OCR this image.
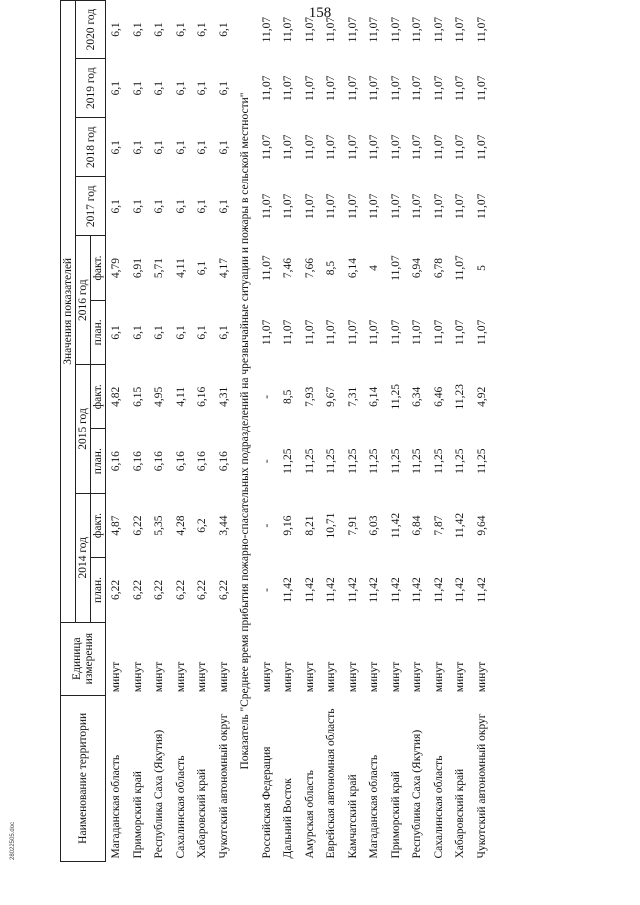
158
28022505.doc	Наименование территории	Единица измерения	Значения показателей									
		2014 год		2015 год		2016 год		2017 год	2018 год	2019 год	2020 год
		план.	факт.	план.	факт.	план.	факт.				
Магаданская область	минут	6,22	4,87	6,16	4,82	6,1	4,79	6,1	6,1	6,1	6,1
Приморский край	минут	6,22	6,22	6,16	6,15	6,1	6,91	6,1	6,1	6,1	6,1
Республика Саха (Якутия)	минут	6,22	5,35	6,16	4,95	6,1	5,71	6,1	6,1	6,1	6,1
Сахалинская область	минут	6,22	4,28	6,16	4,11	6,1	4,11	6,1	6,1	6,1	6,1
Хабаровский край	минут	6,22	6,2	6,16	6,16	6,1	6,1	6,1	6,1	6,1	6,1
Чукотский автономный округ	минут	6,22	3,44	6,16	4,31	6,1	4,17	6,1	6,1	6,1	6,1
Показатель "Среднее время прибытия пожарно-спасательных подразделений на чрезвычайные ситуации и пожары в сельской местности"											
Российская Федерация	минут	-	-	-	-	11,07	11,07	11,07	11,07	11,07	11,07
Дальний Восток	минут	11,42	9,16	11,25	8,5	11,07	7,46	11,07	11,07	11,07	11,07
Амурская область	минут	11,42	8,21	11,25	7,93	11,07	7,66	11,07	11,07	11,07	11,07
Еврейская автономная область	минут	11,42	10,71	11,25	9,67	11,07	8,5	11,07	11,07	11,07	11,07
Камчатский край	минут	11,42	7,91	11,25	7,31	11,07	6,14	11,07	11,07	11,07	11,07
Магаданская область	минут	11,42	6,03	11,25	6,14	11,07	4	11,07	11,07	11,07	11,07
Приморский край	минут	11,42	11,42	11,25	11,25	11,07	11,07	11,07	11,07	11,07	11,07
Республика Саха (Якутия)	минут	11,42	6,84	11,25	6,34	11,07	6,94	11,07	11,07	11,07	11,07
Сахалинская область	минут	11,42	7,87	11,25	6,46	11,07	6,78	11,07	11,07	11,07	11,07
Хабаровский край	минут	11,42	11,42	11,25	11,23	11,07	11,07	11,07	11,07	11,07	11,07
Чукотский автономный округ	минут	11,42	9,64	11,25	4,92	11,07	5	11,07	11,07	11,07	11,07
